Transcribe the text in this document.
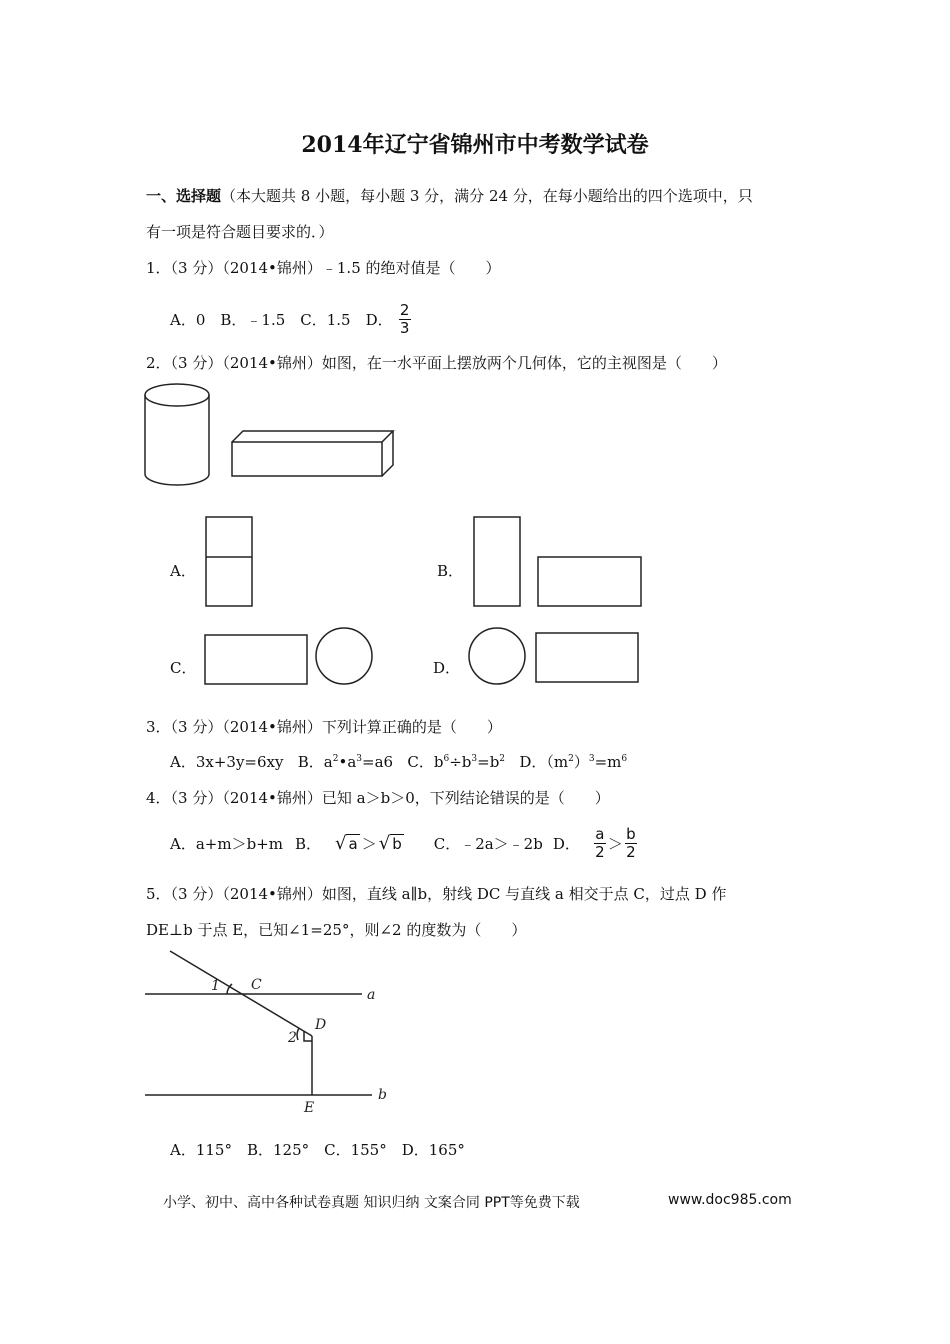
2014年辽宁省锦州市中考数学试卷
一、选择题（本大题共 8 小题，每小题 3 分，满分 24 分，在每小题给出的四个选项中，只
有一项是符合题目要求的．）
1．（3 分）（2014•锦州）﹣1.5 的绝对值是（　　）
A．0　B．﹣1.5　C．1.5　D． $\frac{2}{3}$
2．（3 分）（2014•锦州）如图，在一水平面上摆放两个几何体，它的主视图是（　　）
1 C
a
D
2
E
b
A．	B．
C．	D．
3．（3 分）（2014•锦州）下列计算正确的是（　　）
A．3x+3y=6xy B．$a^2•a^3=a6$ C．$b^6\div b^3=b^2$ D．$(m^2)^3=m^6$
4．（3 分）（2014•锦州）已知 a＞b＞0，下列结论错误的是（　　）
A．a+m＞b+m B． √ a ＞ √ b C．﹣2a＞﹣2b D． $\frac{a}{2} > \frac{b}{2}$
5．（3 分）（2014•锦州）如图，直线 a∥b，射线 DC 与直线 a 相交于点 C，过点 D 作
DE⊥b 于点 E，已知∠1=25°，则∠2 的度数为（　　）
A．115°　B．125°　C．155°　D．165°
小学、初中、高中各种试卷真题 知识归纳 文案合同 PPT等免费下载	www.doc985.com
